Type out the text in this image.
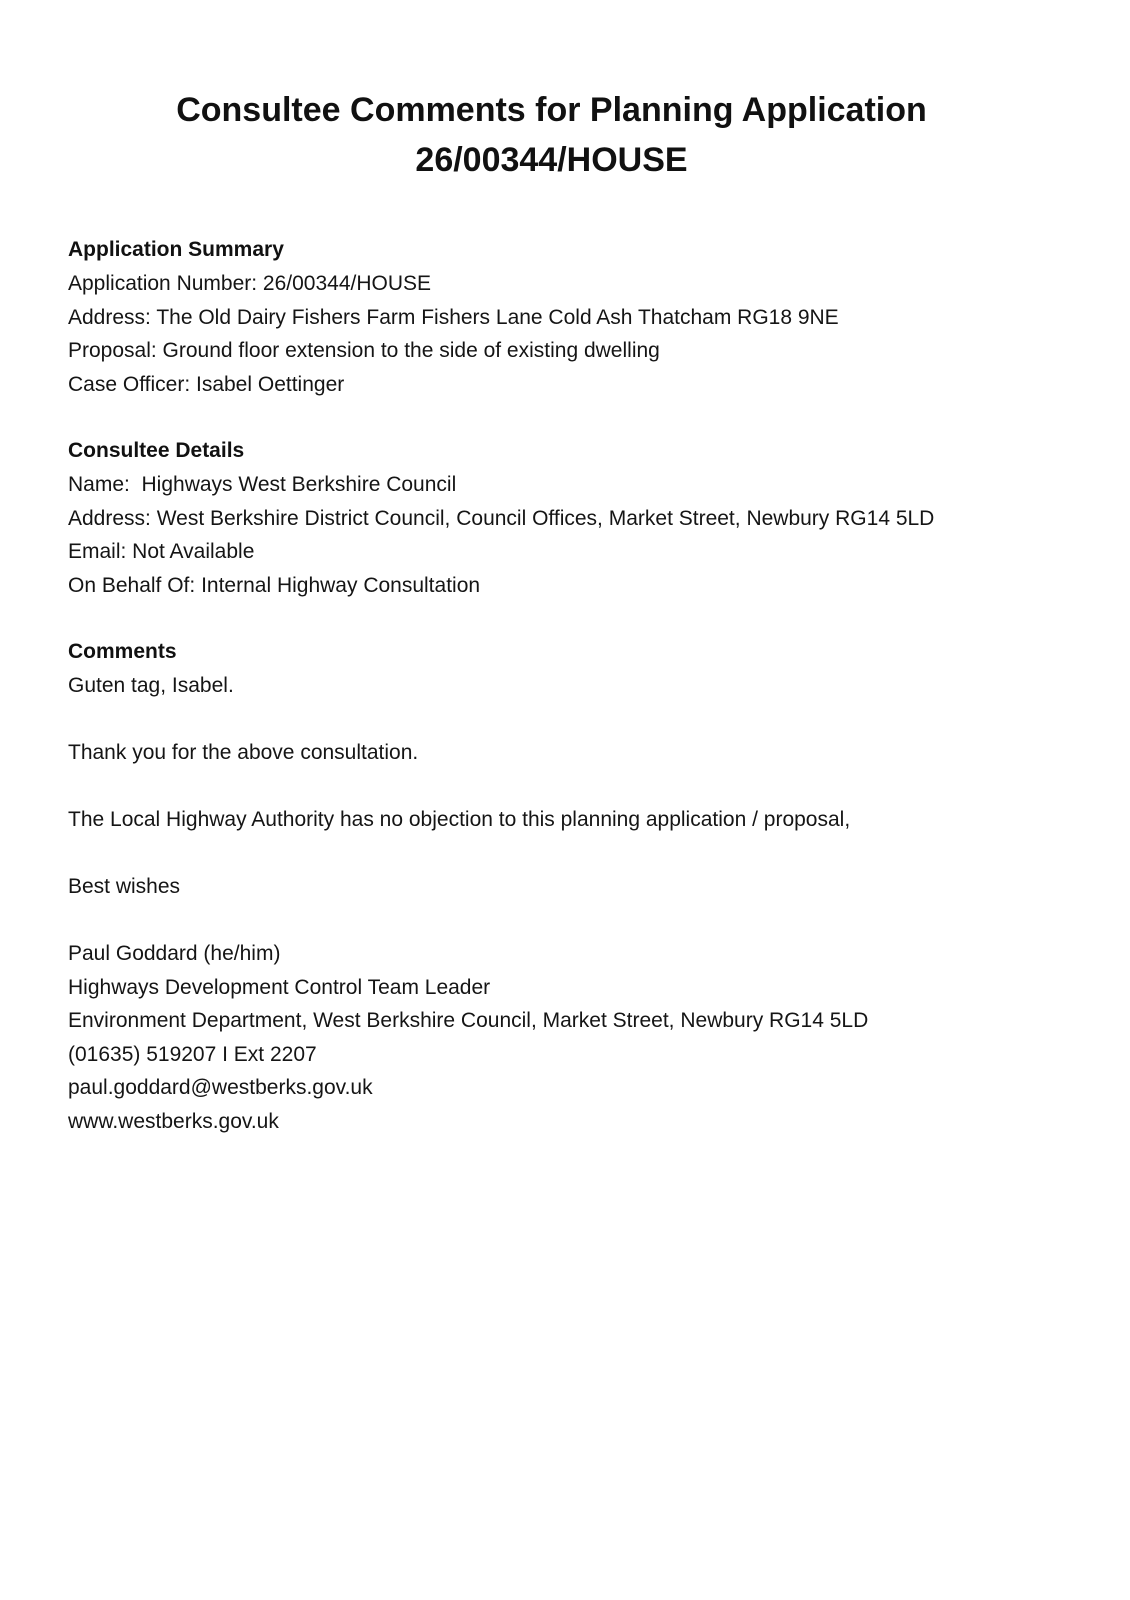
Consultee Comments for Planning Application
26/00344/HOUSE
Application Summary

Application Number: 26/00344/HOUSE

Address: The Old Dairy Fishers Farm Fishers Lane Cold Ash Thatcham RG18 9NE

Proposal: Ground floor extension to the side of existing dwelling

Case Officer: Isabel Oettinger

Consultee Details

Name:  Highways West Berkshire Council

Address: West Berkshire District Council, Council Offices, Market Street, Newbury RG14 5LD

Email: Not Available

On Behalf Of: Internal Highway Consultation

Comments

Guten tag, Isabel.

Thank you for the above consultation.

The Local Highway Authority has no objection to this planning application / proposal,

Best wishes

Paul Goddard (he/him)

Highways Development Control Team Leader

Environment Department, West Berkshire Council, Market Street, Newbury RG14 5LD

(01635) 519207 I Ext 2207

paul.goddard@westberks.gov.uk

www.westberks.gov.uk
